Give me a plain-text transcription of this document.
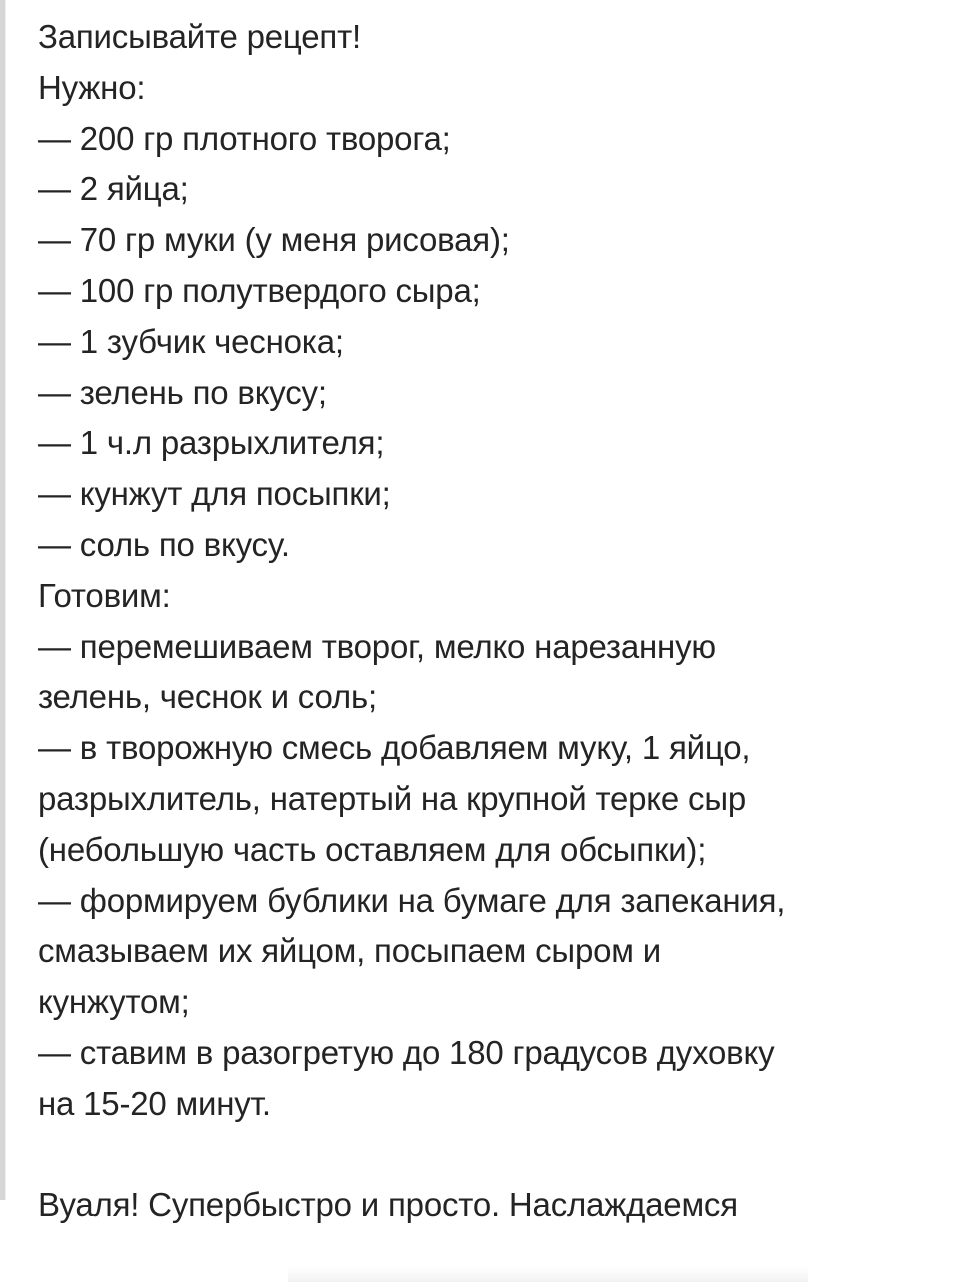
Записывайте рецепт!
Нужно:
— 200 гр плотного творога;
— 2 яйца;
— 70 гр муки (у меня рисовая);
— 100 гр полутвердого сыра;
— 1 зубчик чеснока;
— зелень по вкусу;
— 1 ч.л разрыхлителя;
— кунжут для посыпки;
— соль по вкусу.
Готовим:
— перемешиваем творог, мелко нарезанную
зелень, чеснок и соль;
— в творожную смесь добавляем муку, 1 яйцо,
разрыхлитель, натертый на крупной терке сыр
(небольшую часть оставляем для обсыпки);
— формируем бублики на бумаге для запекания,
смазываем их яйцом, посыпаем сыром и
кунжутом;
— ставим в разогретую до 180 градусов духовку
на 15-20 минут.
Вуаля! Супербыстро и просто. Наслаждаемся
